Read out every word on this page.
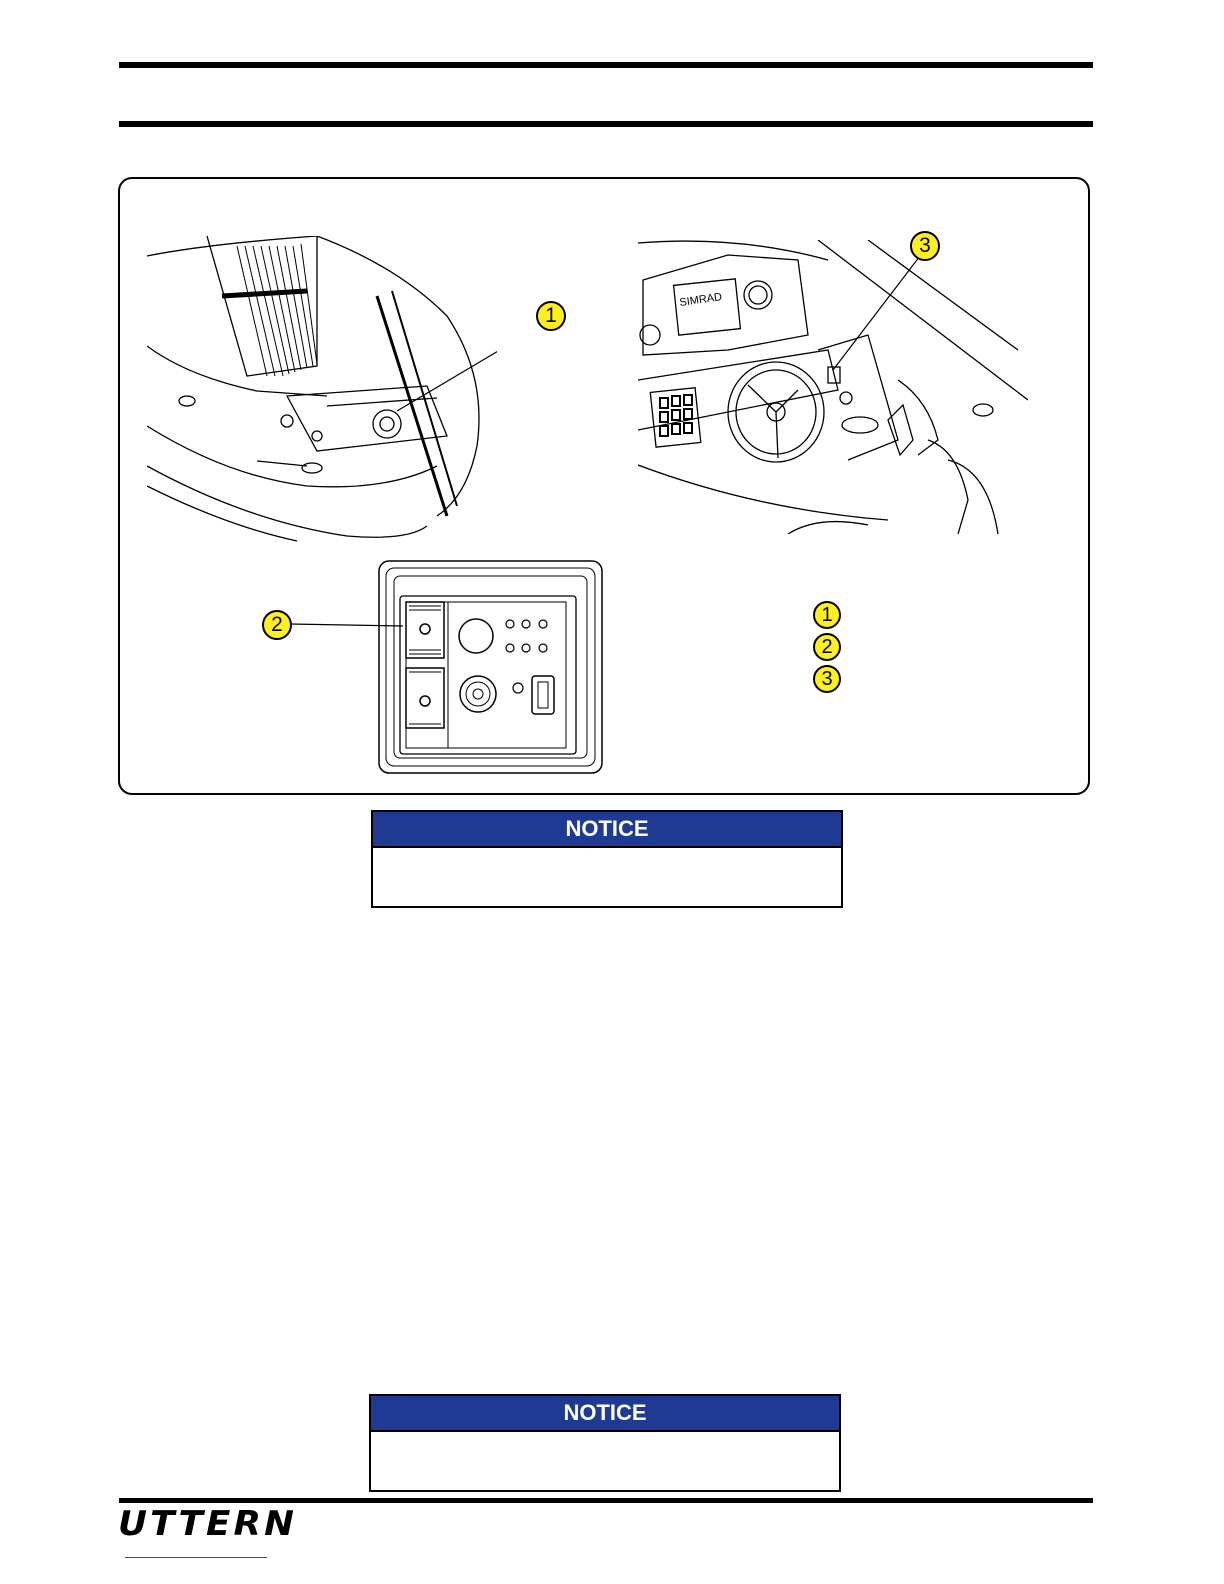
1
SIMRAD
3
2	1
2
3
NOTICE
NOTICE
UTTERN
